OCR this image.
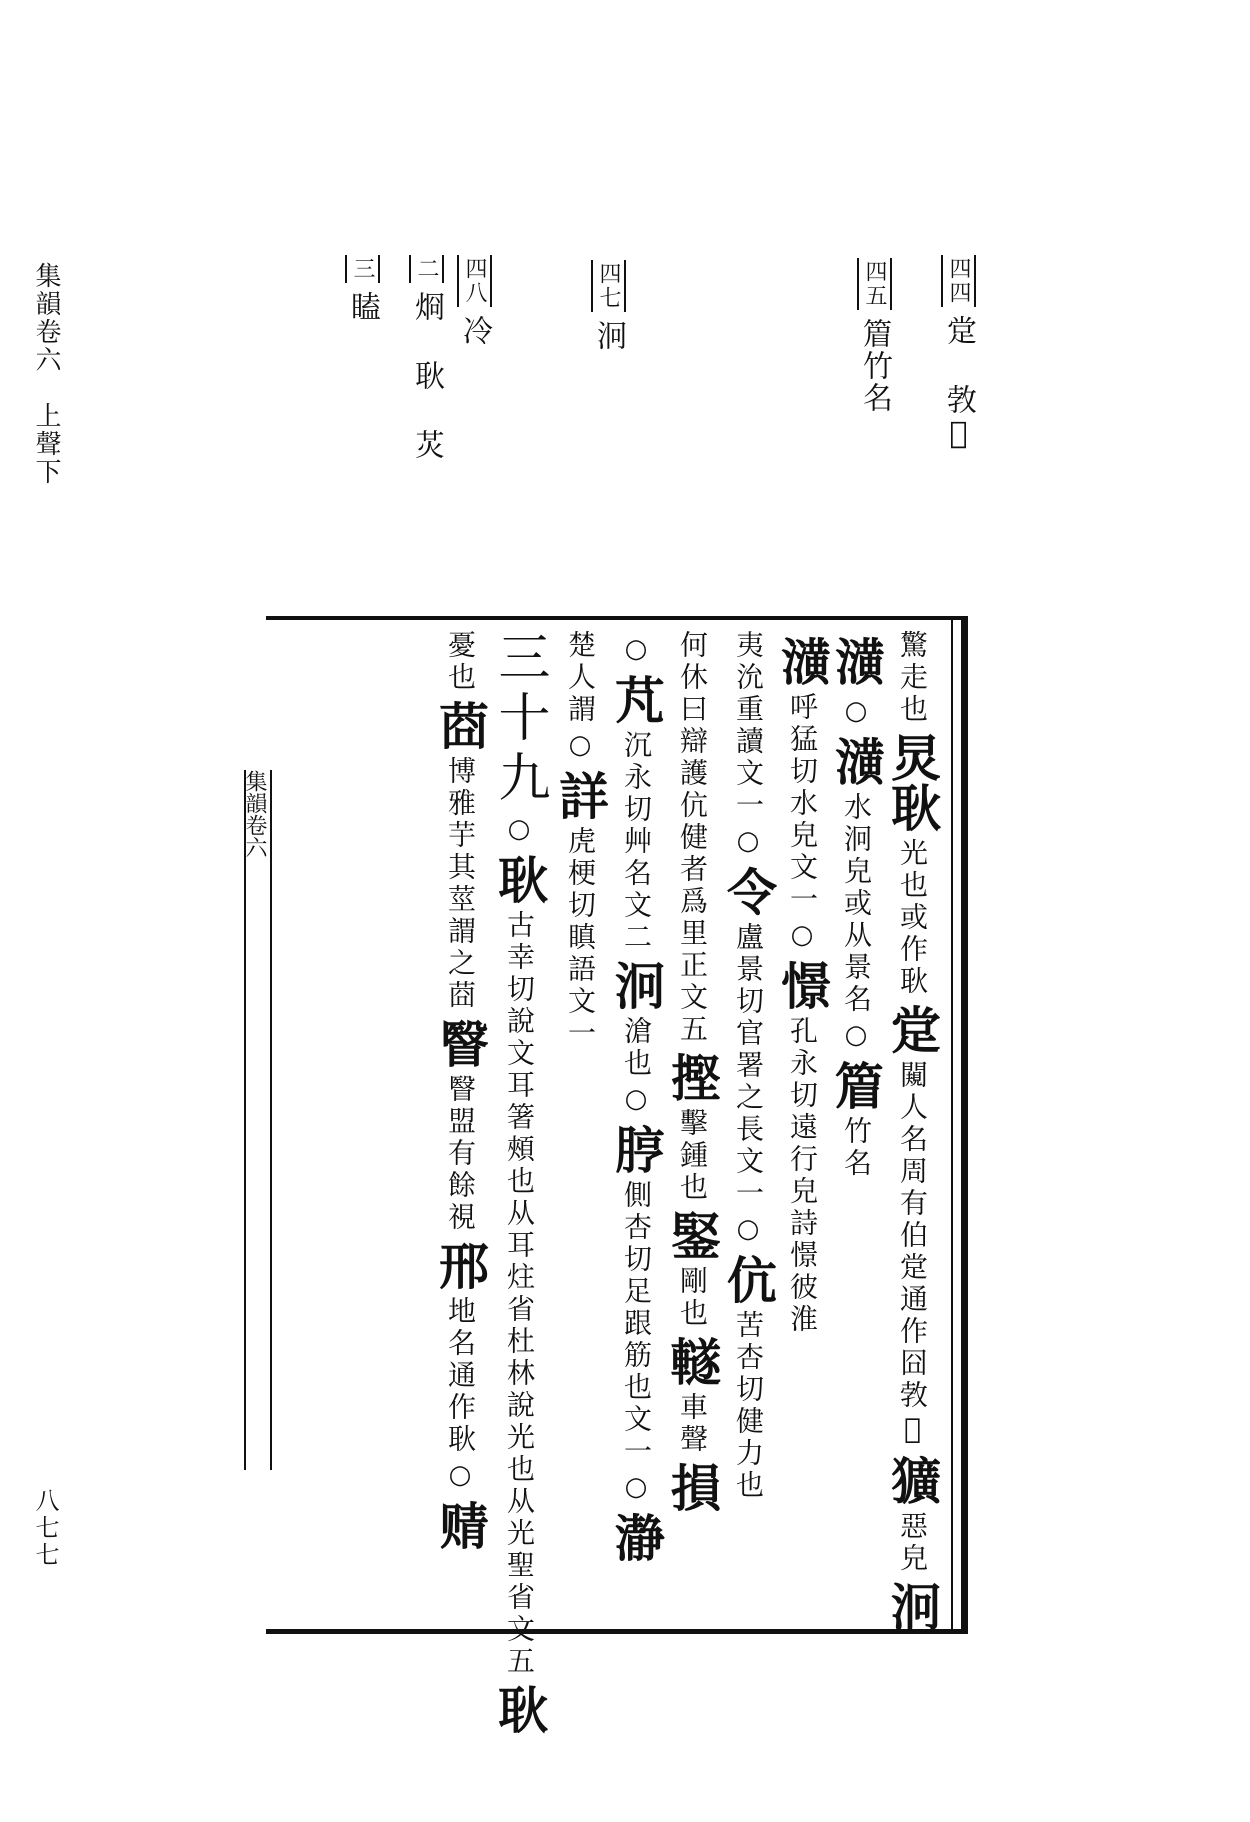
集韻卷六　上聲下
八七七
四四䟫 㪍𣊑
四五篃竹名
四七泂
四八冷
二烱 耿 炗
三瞌
驚走也炅耿光也或作耿䟫闚人名周有伯䟫通作囧㪍𣊑獷惡皃泂
㶂○㶂水泂皃或从景名○篃竹名
㶂呼猛切水皃文一○憬孔永切遠行皃詩憬彼淮
夷沇重讀文一○令盧景切官署之長文一○伉苦杏切健力也
何休曰辯護伉健者爲里正文五摼擊鍾也鋻剛也䡵車聲損
○芃沉永切艸名文二泂滄也○脝側杏切足跟筋也文一○瀞
楚人謂○詳虎梗切瞋語文一
三十九○耿古幸切說文耳箸頰也从耳炷省杜林說光也从光聖省文五耿
憂也莔博雅芋其莖謂之莔瞖瞖盟有餘視邢地名通作耿○䞍
集韻卷六
